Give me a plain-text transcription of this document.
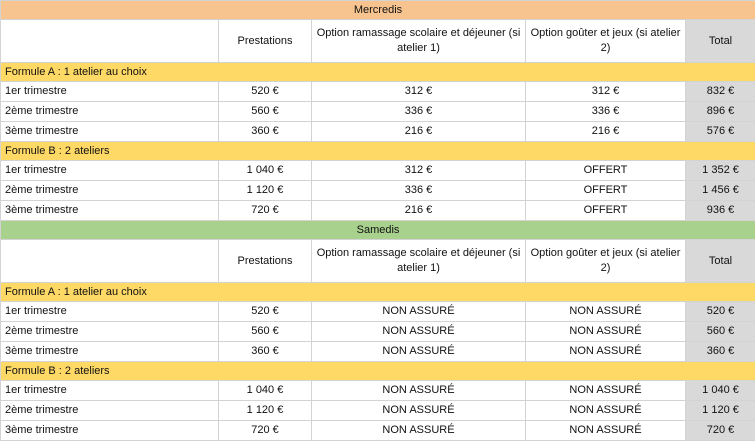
Mercredis				
	Prestations	Option ramassage scolaire et déjeuner (si atelier 1)	Option goûter et jeux (si atelier 2)	Total
Formule A : 1 atelier au choix				
1er trimestre	520 €	312 €	312 €	832 €
2ème trimestre	560 €	336 €	336 €	896 €
3ème trimestre	360 €	216 €	216 €	576 €
Formule B : 2 ateliers				
1er trimestre	1 040 €	312 €	OFFERT	1 352 €
2ème trimestre	1 120 €	336 €	OFFERT	1 456 €
3ème trimestre	720 €	216 €	OFFERT	936 €
Samedis				
	Prestations	Option ramassage scolaire et déjeuner (si atelier 1)	Option goûter et jeux (si atelier 2)	Total
Formule A : 1 atelier au choix				
1er trimestre	520 €	NON ASSURÉ	NON ASSURÉ	520 €
2ème trimestre	560 €	NON ASSURÉ	NON ASSURÉ	560 €
3ème trimestre	360 €	NON ASSURÉ	NON ASSURÉ	360 €
Formule B : 2 ateliers				
1er trimestre	1 040 €	NON ASSURÉ	NON ASSURÉ	1 040 €
2ème trimestre	1 120 €	NON ASSURÉ	NON ASSURÉ	1 120 €
3ème trimestre	720 €	NON ASSURÉ	NON ASSURÉ	720 €
